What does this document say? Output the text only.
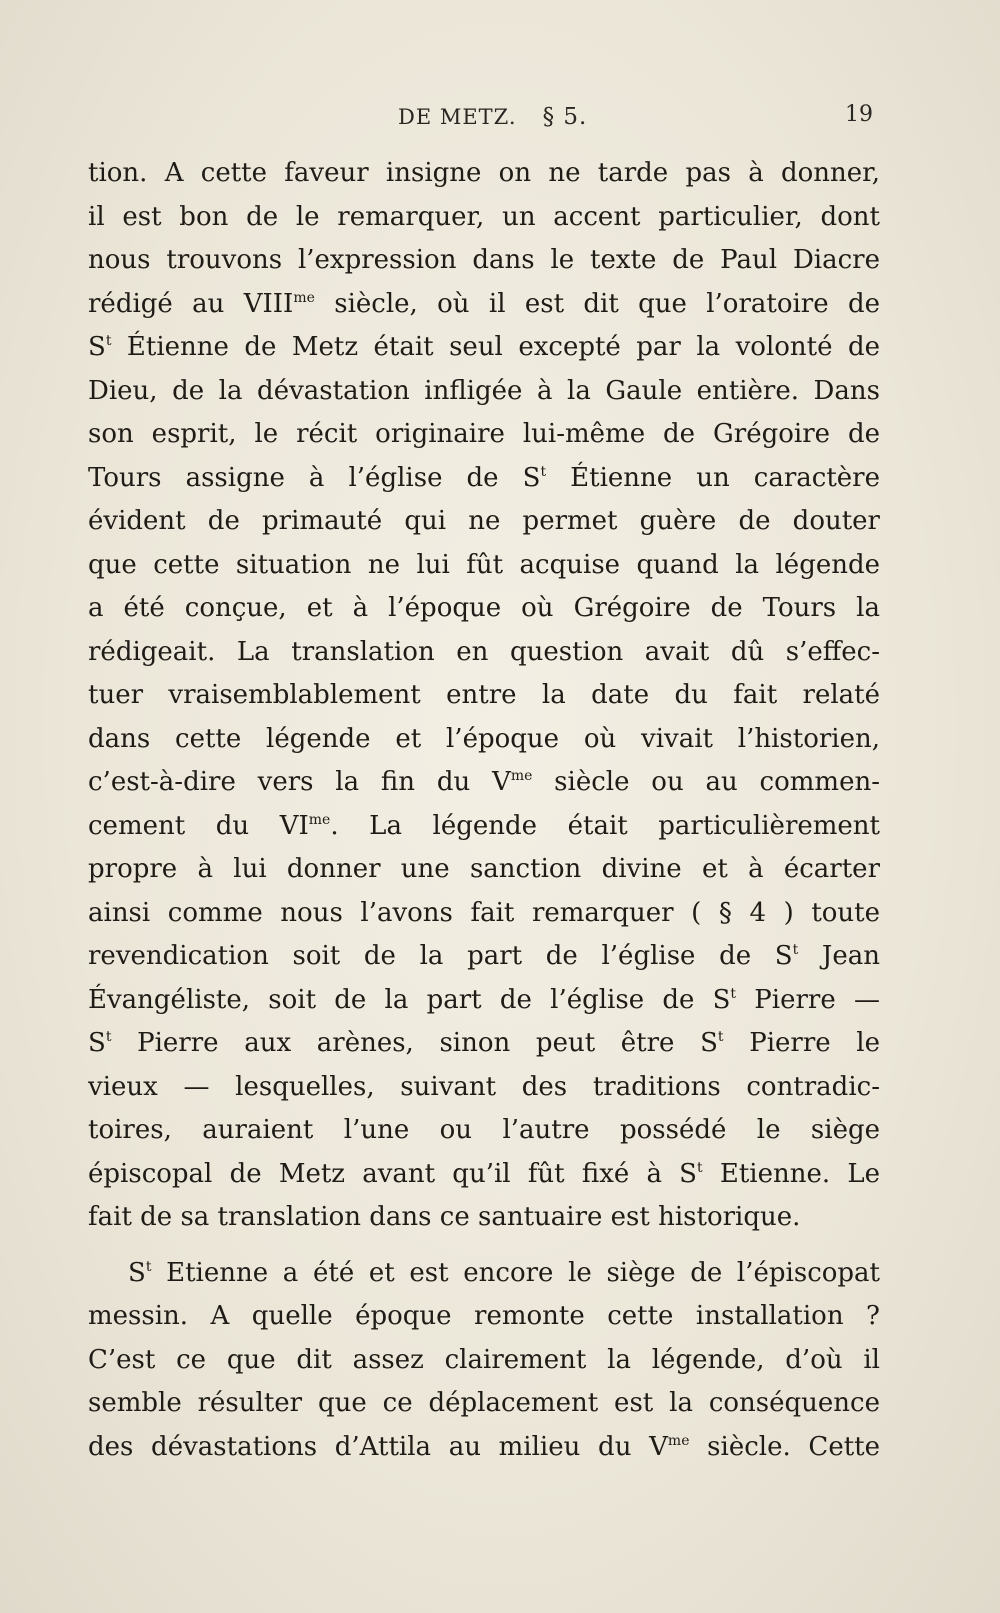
DE METZ. § 5.	19
tion. A cette faveur insigne on ne tarde pas à donner,
il est bon de le remarquer, un accent particulier, dont
nous trouvons l’expression dans le texte de Paul Diacre
rédigé au $VIII^{me}$ siècle, où il est dit que l’oratoire de
$S^t$ Étienne de Metz était seul excepté par la volonté de
Dieu, de la dévastation infligée à la Gaule entière. Dans
son esprit, le récit originaire lui-même de Grégoire de
Tours assigne à l’église de $S^t$ Étienne un caractère
évident de primauté qui ne permet guère de douter
que cette situation ne lui fût acquise quand la légende
a été conçue, et à l’époque où Grégoire de Tours la
rédigeait. La translation en question avait dû s’effec-
tuer vraisemblablement entre la date du fait relaté
dans cette légende et l’époque où vivait l’historien,
c’est-à-dire vers la fin du $V^{me}$ siècle ou au commen-
cement du $VI^{me}$. La légende était particulièrement
propre à lui donner une sanction divine et à écarter
ainsi comme nous l’avons fait remarquer ( § 4 ) toute
revendication soit de la part de l’église de $S^t$ Jean
Évangéliste, soit de la part de l’église de $S^t$ Pierre —
$S^t$ Pierre aux arènes, sinon peut être $S^t$ Pierre le
vieux — lesquelles, suivant des traditions contradic-
toires, auraient l’une ou l’autre possédé le siège
épiscopal de Metz avant qu’il fût fixé à $S^t$ Etienne. Le
fait de sa translation dans ce santuaire est historique.
$S^t$ Etienne a été et est encore le siège de l’épiscopat
messin. A quelle époque remonte cette installation ?
C’est ce que dit assez clairement la légende, d’où il
semble résulter que ce déplacement est la conséquence
des dévastations d’Attila au milieu du $V^{me}$ siècle. Cette
